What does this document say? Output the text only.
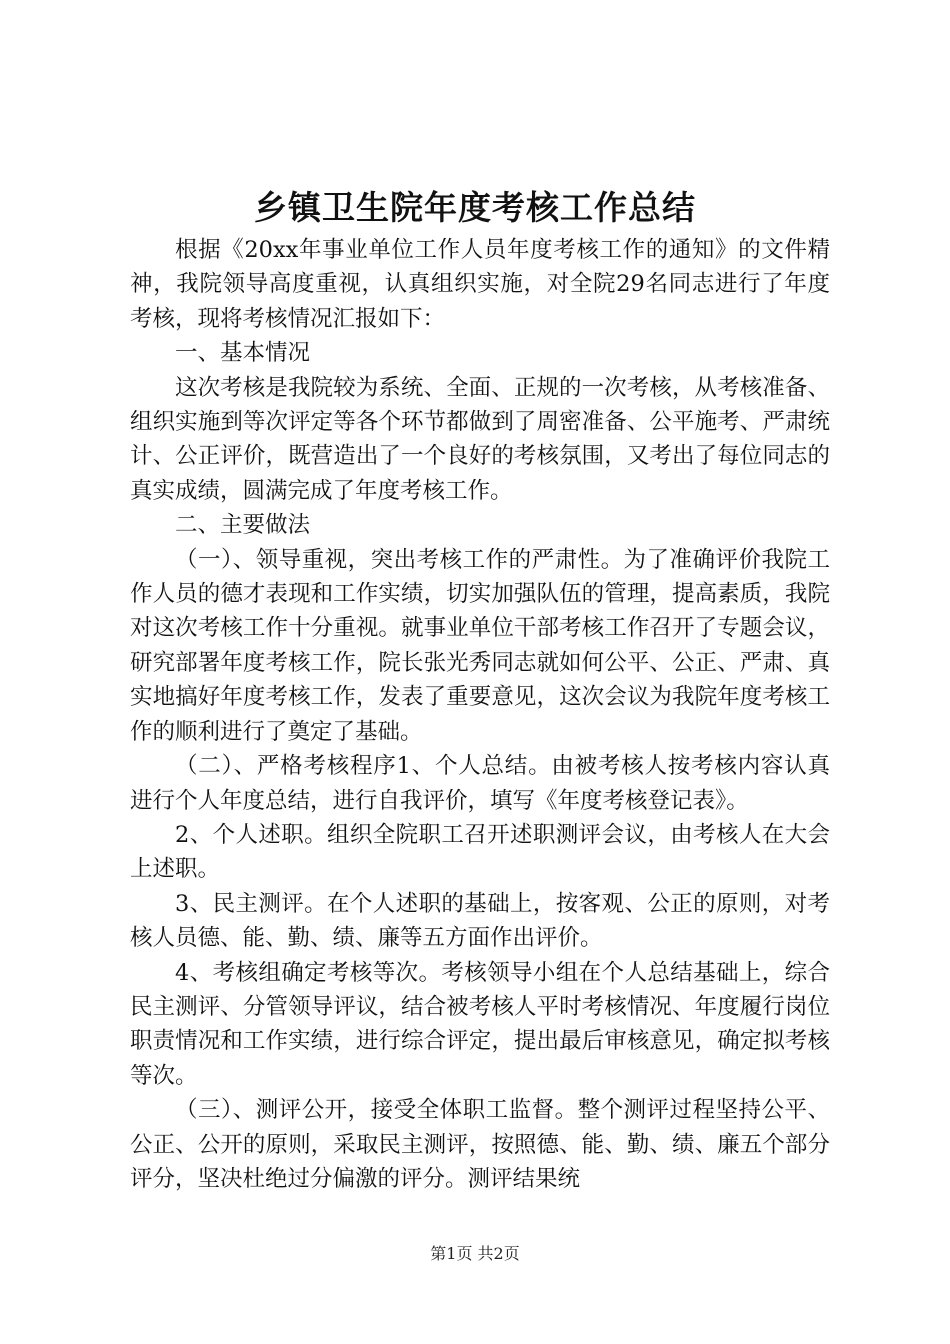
乡镇卫生院年度考核工作总结

根据《20xx年事业单位工作人员年度考核工作的通知》的文件精神，我院领导高度重视，认真组织实施，对全院29名同志进行了年度考核，现将考核情况汇报如下：

一、基本情况

这次考核是我院较为系统、全面、正规的一次考核，从考核准备、组织实施到等次评定等各个环节都做到了周密准备、公平施考、严肃统计、公正评价，既营造出了一个良好的考核氛围，又考出了每位同志的真实成绩，圆满完成了年度考核工作。

二、主要做法

（一）、领导重视，突出考核工作的严肃性。为了准确评价我院工作人员的德才表现和工作实绩，切实加强队伍的管理，提高素质，我院对这次考核工作十分重视。就事业单位干部考核工作召开了专题会议，研究部署年度考核工作，院长张光秀同志就如何公平、公正、严肃、真实地搞好年度考核工作，发表了重要意见，这次会议为我院年度考核工作的顺利进行了奠定了基础。

（二）、严格考核程序1、个人总结。由被考核人按考核内容认真进行个人年度总结，进行自我评价，填写《年度考核登记表》。

2、个人述职。组织全院职工召开述职测评会议，由考核人在大会上述职。

3、民主测评。在个人述职的基础上，按客观、公正的原则，对考核人员德、能、勤、绩、廉等五方面作出评价。

4、考核组确定考核等次。考核领导小组在个人总结基础上，综合民主测评、分管领导评议，结合被考核人平时考核情况、年度履行岗位职责情况和工作实绩，进行综合评定，提出最后审核意见，确定拟考核等次。

（三）、测评公开，接受全体职工监督。整个测评过程坚持公平、公正、公开的原则，采取民主测评，按照德、能、勤、绩、廉五个部分评分，坚决杜绝过分偏激的评分。测评结果统

第1页 共2页
